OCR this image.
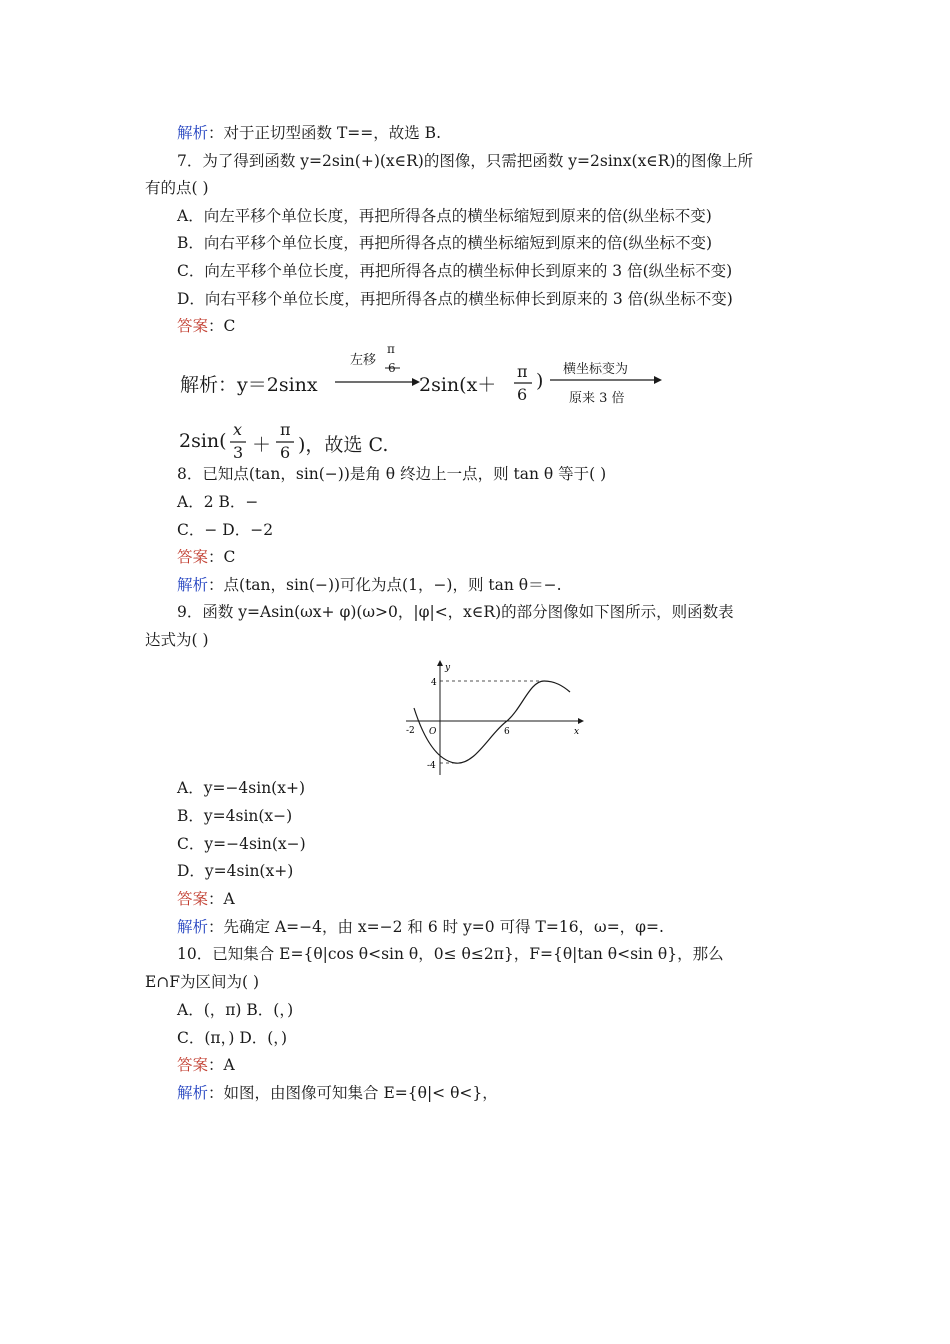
解析：对于正切型函数 T==，故选 B.
7．为了得到函数 y=2sin(+)(x∈R)的图像，只需把函数 y=2sinx(x∈R)的图像上所
有的点( )
A．向左平移个单位长度，再把所得各点的横坐标缩短到原来的倍(纵坐标不变)
B．向右平移个单位长度，再把所得各点的横坐标缩短到原来的倍(纵坐标不变)
C．向左平移个单位长度，再把所得各点的横坐标伸长到原来的 3 倍(纵坐标不变)
D．向右平移个单位长度，再把所得各点的横坐标伸长到原来的 3 倍(纵坐标不变)
答案：C
解析：y＝2sinx
左移
π
6
2sin(x＋
π
6
)
横坐标变为
原来 3 倍
2sin(
x
3 ＋
π
6 )，故选 C.
8．已知点(tan，sin(−))是角 θ 终边上一点，则 tan θ 等于( )
A．2 B．−
C．− D．−2
答案：C
解析：点(tan，sin(−))可化为点(1，−)，则 tan θ＝−.
9．函数 y=Asin(ωx+ φ)(ω>0，|φ|<，x∈R)的部分图像如下图所示，则函数表
达式为( )
y
x
4
-4
-2 O	6
A．y=−4sin(x+)
B．y=4sin(x−)
C．y=−4sin(x−)
D．y=4sin(x+)
答案：A
解析：先确定 A=−4，由 x=−2 和 6 时 y=0 可得 T=16，ω=，φ=.
10．已知集合 E={θ|cos θ<sin θ，0≤ θ≤2π}，F={θ|tan θ<sin θ}，那么
E∩F为区间为( )
A．(，π) B．(，)
C．(π，) D．(，)
答案：A
解析：如图，由图像可知集合 E={θ|< θ<}，
